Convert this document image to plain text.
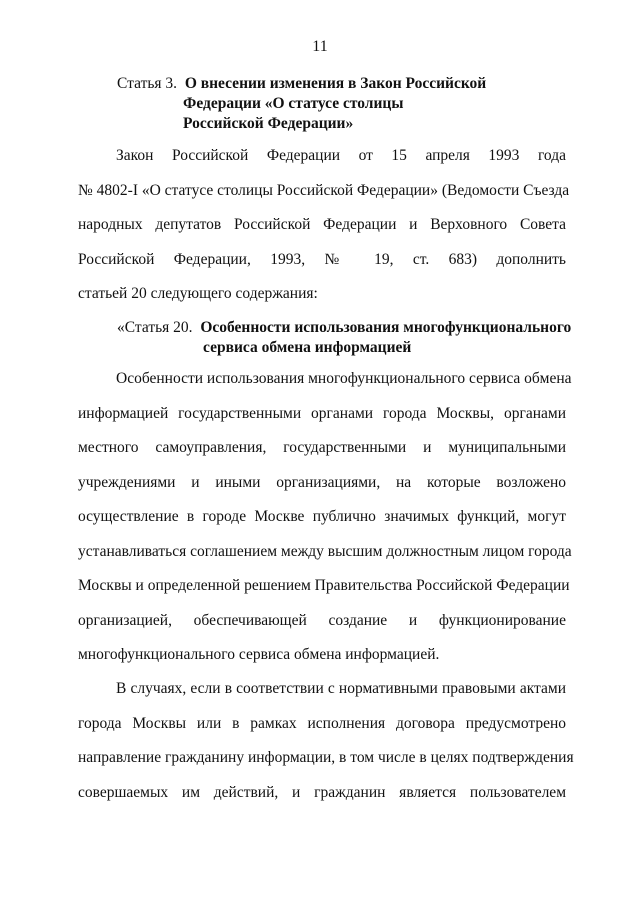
11
Статья 3. О внесении изменения в Закон Российской
Федерации «О статусе столицы
Российской Федерации»
Закон Российской Федерации от 15 апреля 1993 года
№ 4802-I «О статусе столицы Российской Федерации» (Ведомости Съезда
народных депутатов Российской Федерации и Верховного Совета
Российской Федерации, 1993, № 19, ст. 683) дополнить
статьей 20 следующего содержания:
«Статья 20. Особенности использования многофункционального
сервиса обмена информацией
Особенности использования многофункционального сервиса обмена
информацией государственными органами города Москвы, органами
местного самоуправления, государственными и муниципальными
учреждениями и иными организациями, на которые возложено
осуществление в городе Москве публично значимых функций, могут
устанавливаться соглашением между высшим должностным лицом города
Москвы и определенной решением Правительства Российской Федерации
организацией, обеспечивающей создание и функционирование
многофункционального сервиса обмена информацией.
В случаях, если в соответствии с нормативными правовыми актами
города Москвы или в рамках исполнения договора предусмотрено
направление гражданину информации, в том числе в целях подтверждения
совершаемых им действий, и гражданин является пользователем
